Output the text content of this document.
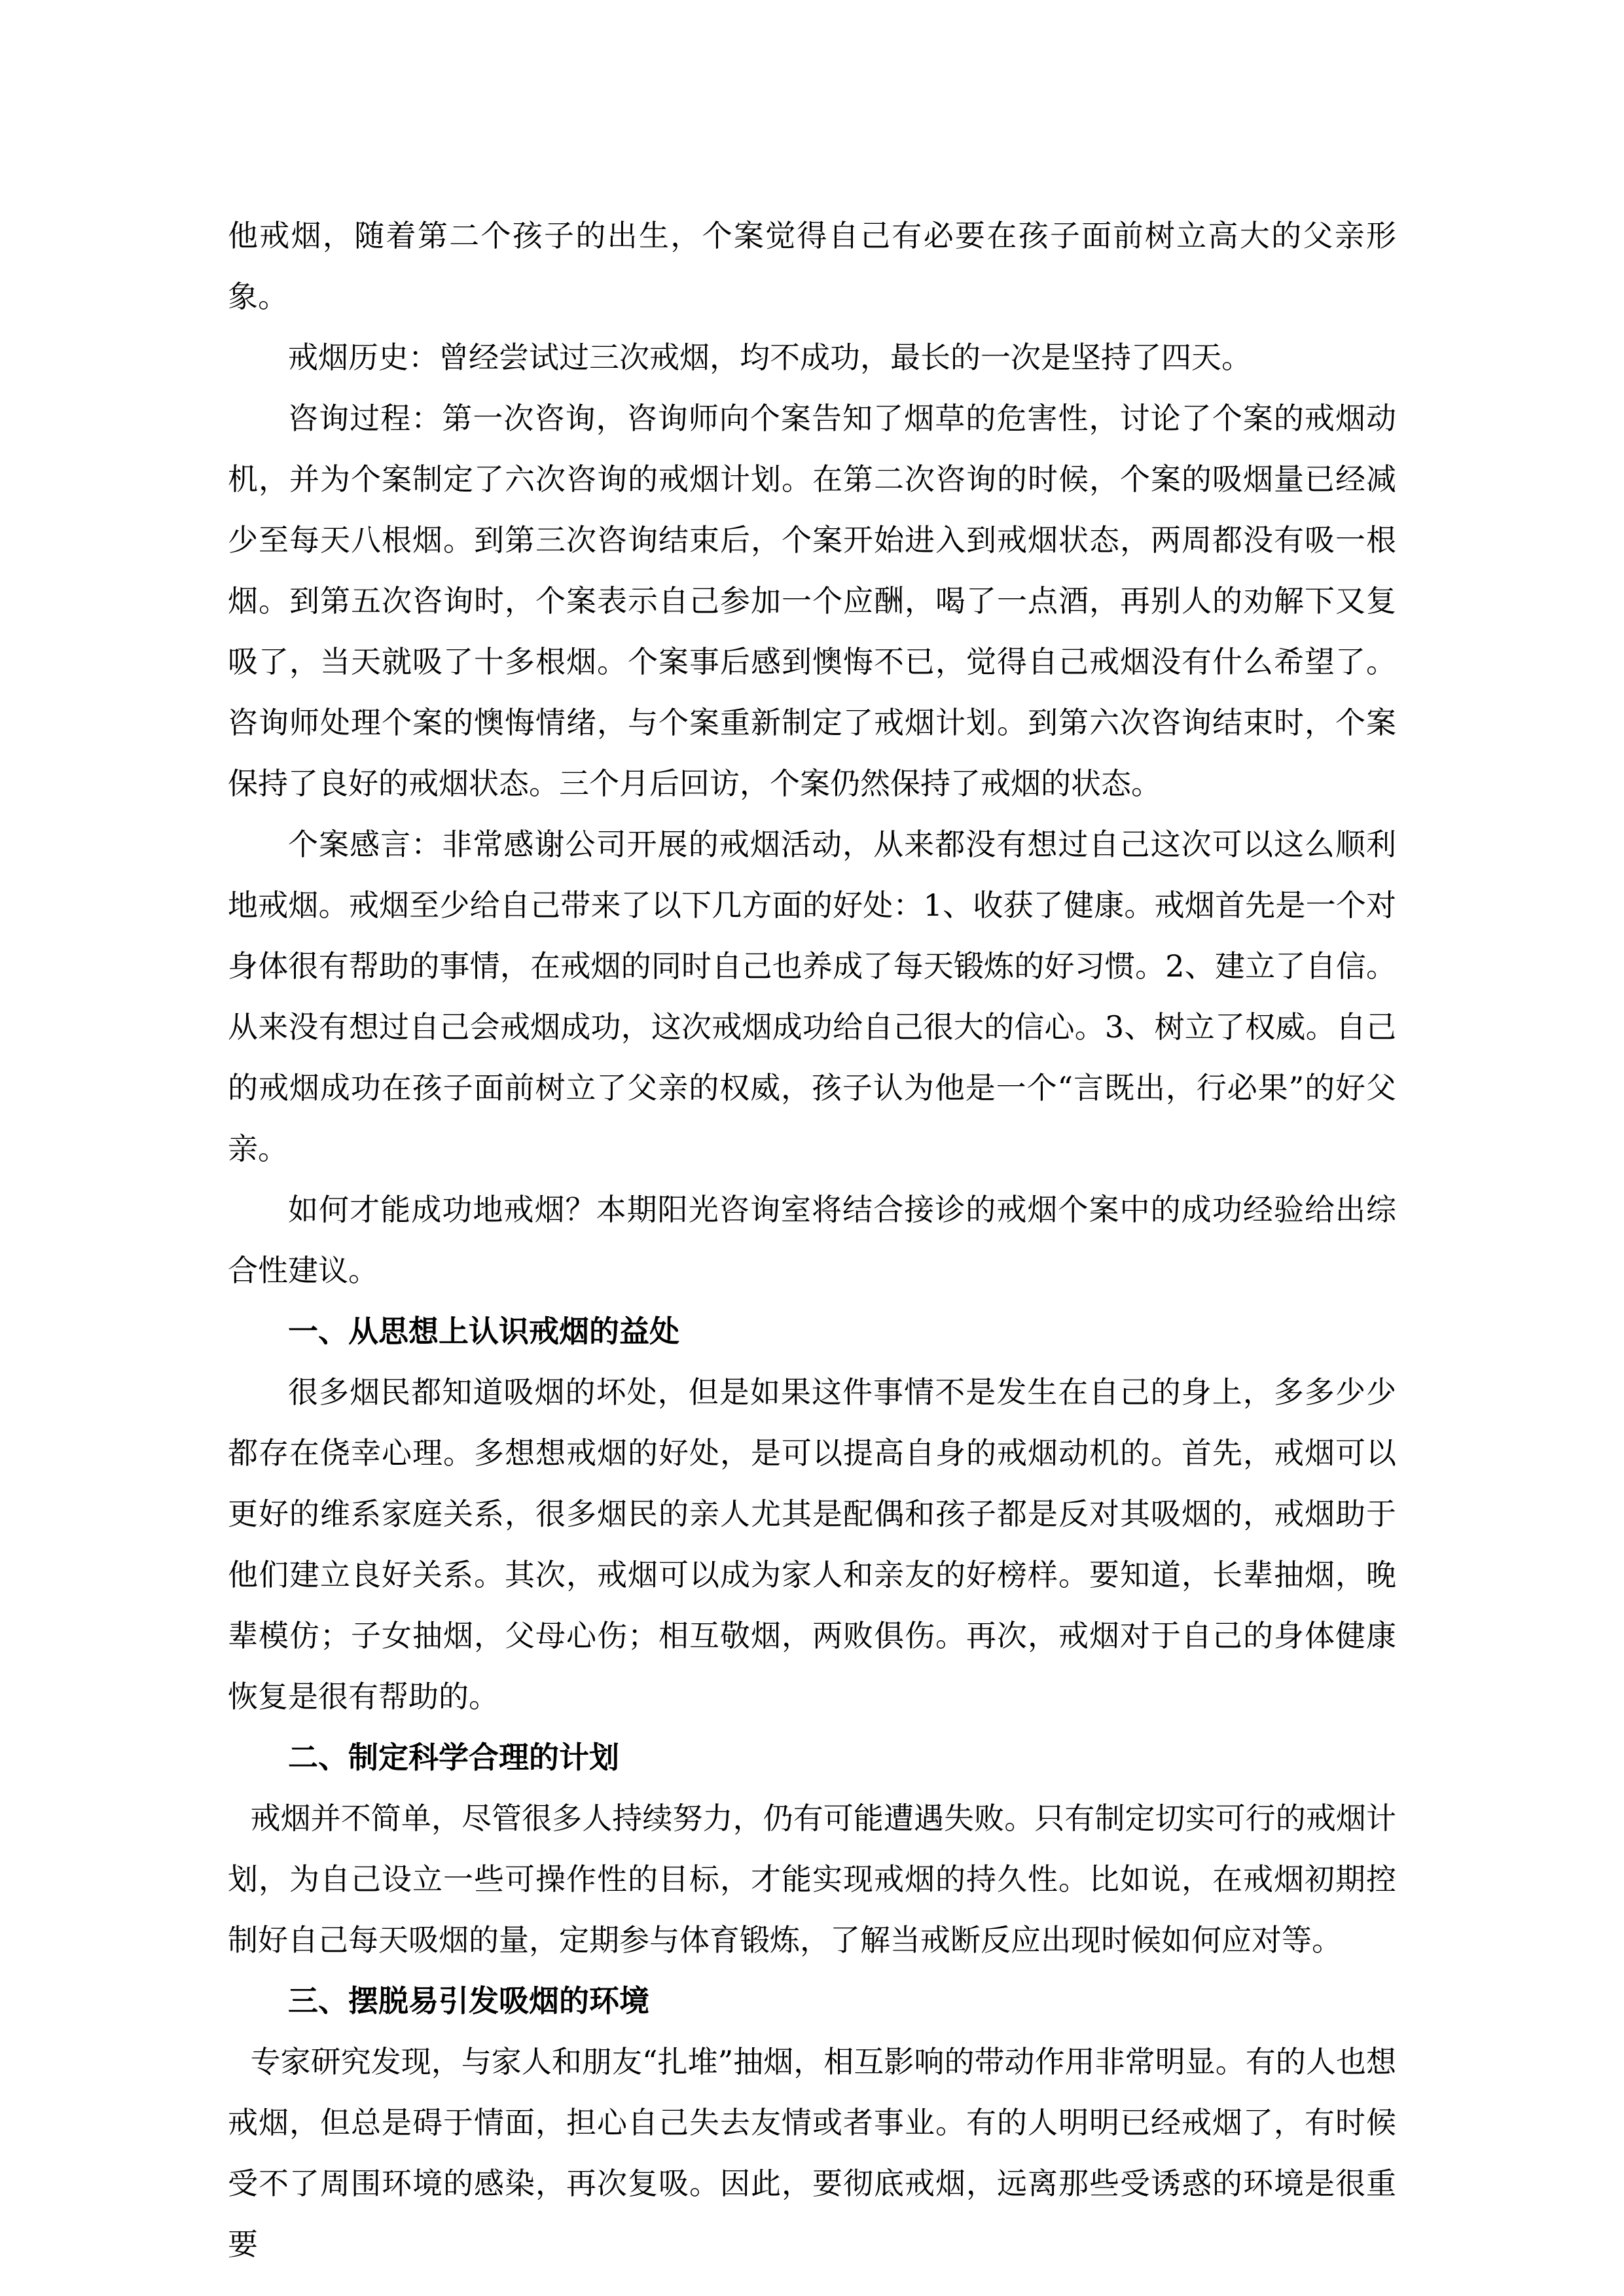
他戒烟，随着第二个孩子的出生，个案觉得自己有必要在孩子面前树立高大的父亲形象。

戒烟历史：曾经尝试过三次戒烟，均不成功，最长的一次是坚持了四天。

咨询过程：第一次咨询，咨询师向个案告知了烟草的危害性，讨论了个案的戒烟动机，并为个案制定了六次咨询的戒烟计划。在第二次咨询的时候，个案的吸烟量已经减少至每天八根烟。到第三次咨询结束后，个案开始进入到戒烟状态，两周都没有吸一根烟。到第五次咨询时，个案表示自己参加一个应酬，喝了一点酒，再别人的劝解下又复吸了，当天就吸了十多根烟。个案事后感到懊悔不已，觉得自己戒烟没有什么希望了。咨询师处理个案的懊悔情绪，与个案重新制定了戒烟计划。到第六次咨询结束时，个案保持了良好的戒烟状态。三个月后回访，个案仍然保持了戒烟的状态。

个案感言：非常感谢公司开展的戒烟活动，从来都没有想过自己这次可以这么顺利地戒烟。戒烟至少给自己带来了以下几方面的好处：1、收获了健康。戒烟首先是一个对身体很有帮助的事情，在戒烟的同时自己也养成了每天锻炼的好习惯。2、建立了自信。从来没有想过自己会戒烟成功，这次戒烟成功给自己很大的信心。3、树立了权威。自己的戒烟成功在孩子面前树立了父亲的权威，孩子认为他是一个“言既出，行必果”的好父亲。

如何才能成功地戒烟？本期阳光咨询室将结合接诊的戒烟个案中的成功经验给出综合性建议。

一、从思想上认识戒烟的益处

很多烟民都知道吸烟的坏处，但是如果这件事情不是发生在自己的身上，多多少少都存在侥幸心理。多想想戒烟的好处，是可以提高自身的戒烟动机的。首先，戒烟可以更好的维系家庭关系，很多烟民的亲人尤其是配偶和孩子都是反对其吸烟的，戒烟助于他们建立良好关系。其次，戒烟可以成为家人和亲友的好榜样。要知道，长辈抽烟，晚辈模仿；子女抽烟，父母心伤；相互敬烟，两败俱伤。再次，戒烟对于自己的身体健康恢复是很有帮助的。

二、制定科学合理的计划

戒烟并不简单，尽管很多人持续努力，仍有可能遭遇失败。只有制定切实可行的戒烟计划，为自己设立一些可操作性的目标，才能实现戒烟的持久性。比如说，在戒烟初期控制好自己每天吸烟的量，定期参与体育锻炼，了解当戒断反应出现时候如何应对等。

三、摆脱易引发吸烟的环境

专家研究发现，与家人和朋友“扎堆”抽烟，相互影响的带动作用非常明显。有的人也想戒烟，但总是碍于情面，担心自己失去友情或者事业。有的人明明已经戒烟了，有时候受不了周围环境的感染，再次复吸。因此，要彻底戒烟，远离那些受诱惑的环境是很重要
